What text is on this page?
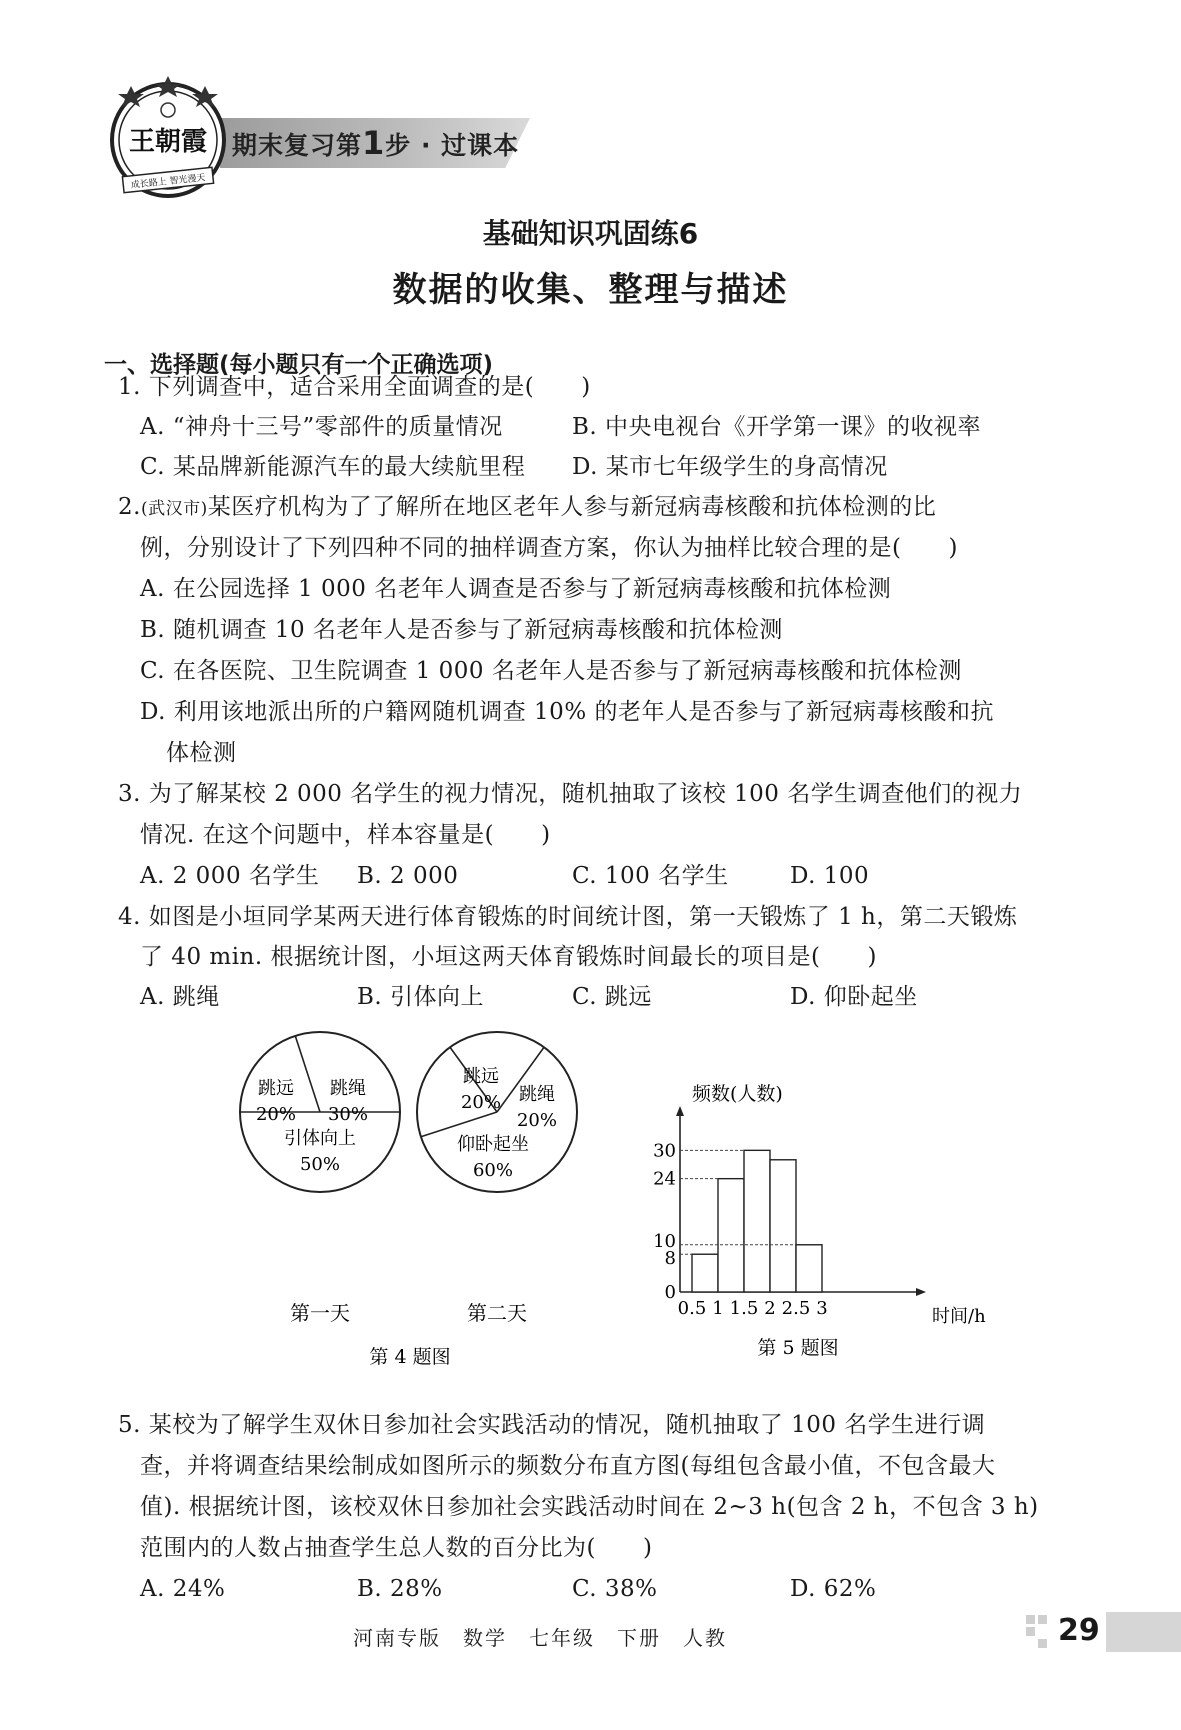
期末复习第1步 · 过课本
王朝霞
成长路上 智光漫天
基础知识巩固练6
数据的收集、整理与描述
一、选择题(每小题只有一个正确选项)
1. 下列调查中，适合采用全面调查的是(　　)
A. “神舟十三号”零部件的质量情况	B. 中央电视台《开学第一课》的收视率
C. 某品牌新能源汽车的最大续航里程 D. 某市七年级学生的身高情况
2.(武汉市)某医疗机构为了了解所在地区老年人参与新冠病毒核酸和抗体检测的比
例，分别设计了下列四种不同的抽样调查方案，你认为抽样比较合理的是(　　)
A. 在公园选择 1 000 名老年人调查是否参与了新冠病毒核酸和抗体检测
B. 随机调查 10 名老年人是否参与了新冠病毒核酸和抗体检测
C. 在各医院、卫生院调查 1 000 名老年人是否参与了新冠病毒核酸和抗体检测
D. 利用该地派出所的户籍网随机调查 10% 的老年人是否参与了新冠病毒核酸和抗
体检测
3. 为了解某校 2 000 名学生的视力情况，随机抽取了该校 100 名学生调查他们的视力
情况. 在这个问题中，样本容量是(　　)
A. 2 000 名学生 B. 2 000	C. 100 名学生	D. 100
4. 如图是小垣同学某两天进行体育锻炼的时间统计图，第一天锻炼了 1 h，第二天锻炼
了 40 min. 根据统计图，小垣这两天体育锻炼时间最长的项目是(　　)
A. 跳绳	B. 引体向上	C. 跳远	D. 仰卧起坐
跳远
20%
跳绳
30%
引体向上
50%
跳远
20% 跳绳
20%
仰卧起坐
60%
第一天	第二天
第 4 题图
0
8
10
24
30
0.5 1 1.5 2 2.5 3
频数(人数)
时间/h
第 5 题图
5. 某校为了解学生双休日参加社会实践活动的情况，随机抽取了 100 名学生进行调
查，并将调查结果绘制成如图所示的频数分布直方图(每组包含最小值，不包含最大
值). 根据统计图，该校双休日参加社会实践活动时间在 2~3 h(包含 2 h，不包含 3 h)
范围内的人数占抽查学生总人数的百分比为(　　)
A. 24%	B. 28%	C. 38%	D. 62%
河南专版　数学　七年级　下册　人教	29
